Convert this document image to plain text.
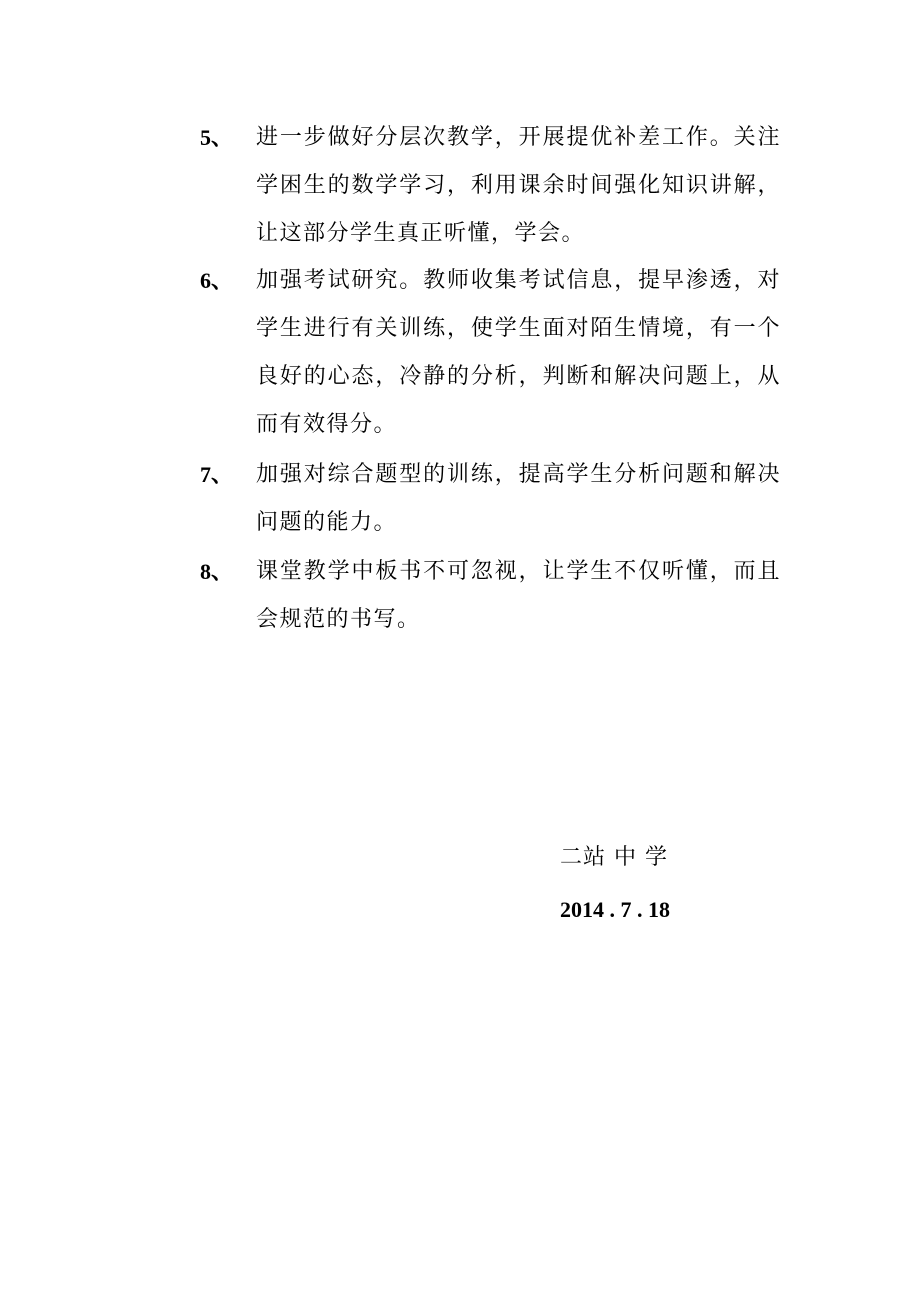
5、	进一步做好分层次教学，开展提优补差工作。关注学困生的数学学习，利用课余时间强化知识讲解，让这部分学生真正听懂，学会。
6、	加强考试研究。教师收集考试信息，提早渗透，对学生进行有关训练，使学生面对陌生情境，有一个良好的心态，冷静的分析，判断和解决问题上，从而有效得分。
7、	加强对综合题型的训练，提高学生分析问题和解决问题的能力。
8、	课堂教学中板书不可忽视，让学生不仅听懂，而且会规范的书写。
二站 中 学
2014 . 7 . 18
